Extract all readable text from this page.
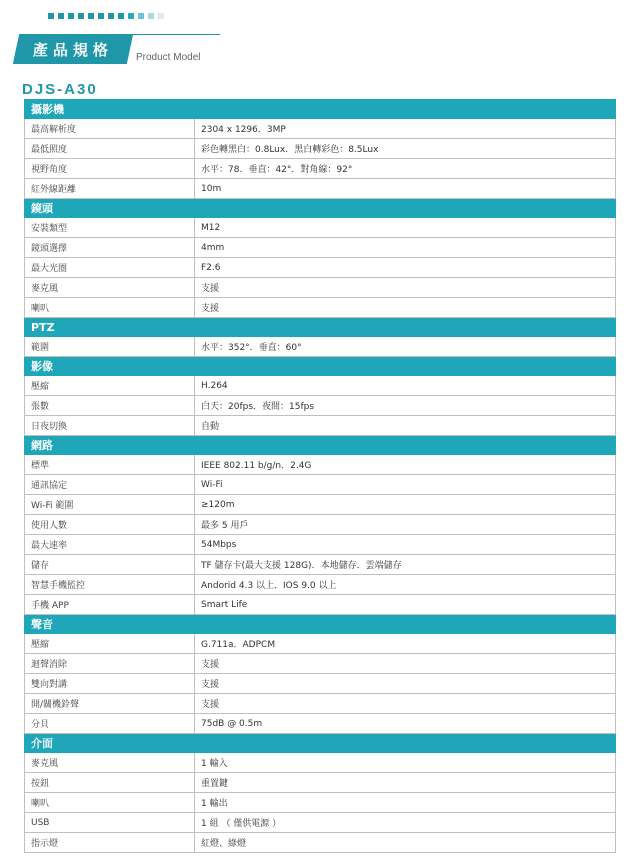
產品規格 Product Model
DJS-A30
攝影機	
最高解析度	2304 x 1296．3MP
最低照度	彩色轉黑白：0.8Lux．黑白轉彩色：8.5Lux
視野角度	水平：78．垂直：42°．對角線：92°
紅外線距離	10m
鏡頭	
安裝類型	M12
鏡頭選擇	4mm
最大光圈	F2.6
麥克風	支援
喇叭	支援
PTZ	
範圍	水平：352°．垂直：60°
影像	
壓縮	H.264
張數	白天：20fps．夜間：15fps
日夜切換	自動
網路	
標準	IEEE 802.11 b/g/n．2.4G
通訊協定	Wi-Fi
Wi-Fi 範圍	≥120m
使用人數	最多 5 用戶
最大速率	54Mbps
儲存	TF 儲存卡(最大支援 128G)．本地儲存．雲端儲存
智慧手機監控	Andorid 4.3 以上．IOS 9.0 以上
手機 APP	Smart Life
聲音	
壓縮	G.711a．ADPCM
迴聲消除	支援
雙向對講	支援
開/關機鈴聲	支援
分貝	75dB @ 0.5m
介面	
麥克風	1 輸入
按鈕	重置鍵
喇叭	1 輸出
USB	1 組 （ 僅供電源 ）
指示燈	紅燈、綠燈
